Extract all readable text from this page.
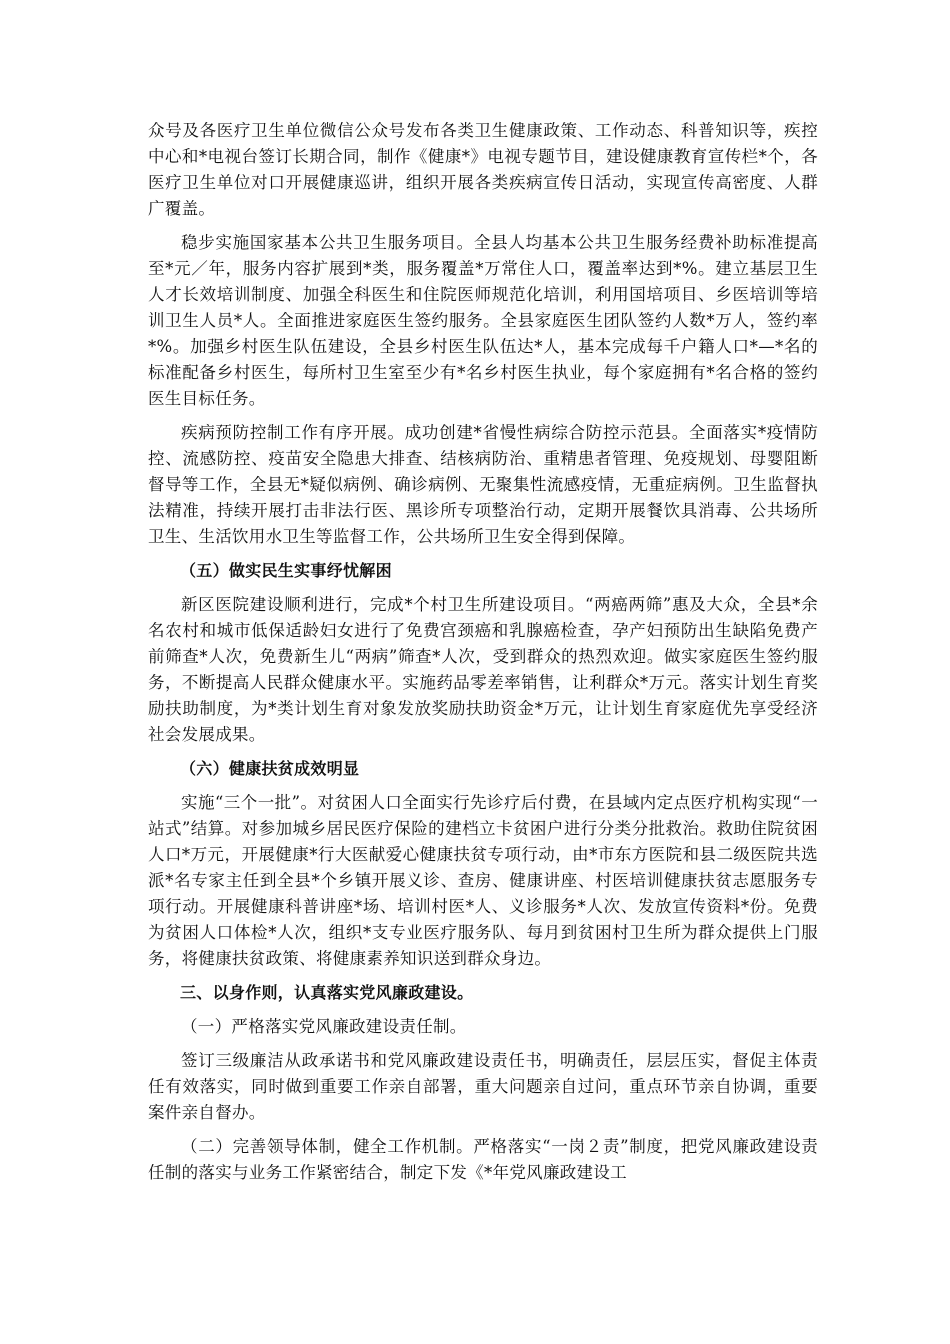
众号及各医疗卫生单位微信公众号发布各类卫生健康政策、工作动态、科普知识等，疾控中心和*电视台签订长期合同，制作《健康*》电视专题节目，建设健康教育宣传栏*个，各医疗卫生单位对口开展健康巡讲，组织开展各类疾病宣传日活动，实现宣传高密度、人群广覆盖。

稳步实施国家基本公共卫生服务项目。全县人均基本公共卫生服务经费补助标准提高至*元／年，服务内容扩展到*类，服务覆盖*万常住人口，覆盖率达到*%。建立基层卫生人才长效培训制度、加强全科医生和住院医师规范化培训，利用国培项目、乡医培训等培训卫生人员*人。全面推进家庭医生签约服务。全县家庭医生团队签约人数*万人，签约率*%。加强乡村医生队伍建设，全县乡村医生队伍达*人，基本完成每千户籍人口*—*名的标准配备乡村医生，每所村卫生室至少有*名乡村医生执业，每个家庭拥有*名合格的签约医生目标任务。

疾病预防控制工作有序开展。成功创建*省慢性病综合防控示范县。全面落实*疫情防控、流感防控、疫苗安全隐患大排查、结核病防治、重精患者管理、免疫规划、母婴阻断督导等工作，全县无*疑似病例、确诊病例、无聚集性流感疫情，无重症病例。卫生监督执法精准，持续开展打击非法行医、黑诊所专项整治行动，定期开展餐饮具消毒、公共场所卫生、生活饮用水卫生等监督工作，公共场所卫生安全得到保障。

（五）做实民生实事纾忧解困

新区医院建设顺利进行，完成*个村卫生所建设项目。“两癌两筛”惠及大众，全县*余名农村和城市低保适龄妇女进行了免费宫颈癌和乳腺癌检查，孕产妇预防出生缺陷免费产前筛查*人次，免费新生儿“两病”筛查*人次，受到群众的热烈欢迎。做实家庭医生签约服务，不断提高人民群众健康水平。实施药品零差率销售，让利群众*万元。落实计划生育奖励扶助制度，为*类计划生育对象发放奖励扶助资金*万元，让计划生育家庭优先享受经济社会发展成果。

（六）健康扶贫成效明显

实施“三个一批”。对贫困人口全面实行先诊疗后付费，在县域内定点医疗机构实现“一站式”结算。对参加城乡居民医疗保险的建档立卡贫困户进行分类分批救治。救助住院贫困人口*万元，开展健康*行大医献爱心健康扶贫专项行动，由*市东方医院和县二级医院共选派*名专家主任到全县*个乡镇开展义诊、查房、健康讲座、村医培训健康扶贫志愿服务专项行动。开展健康科普讲座*场、培训村医*人、义诊服务*人次、发放宣传资料*份。免费为贫困人口体检*人次，组织*支专业医疗服务队、每月到贫困村卫生所为群众提供上门服务，将健康扶贫政策、将健康素养知识送到群众身边。

三、以身作则，认真落实党风廉政建设。

（一）严格落实党风廉政建设责任制。

签订三级廉洁从政承诺书和党风廉政建设责任书，明确责任，层层压实，督促主体责任有效落实，同时做到重要工作亲自部署，重大问题亲自过问，重点环节亲自协调，重要案件亲自督办。

（二）完善领导体制，健全工作机制。严格落实“一岗２责”制度，把党风廉政建设责任制的落实与业务工作紧密结合，制定下发《*年党风廉政建设工
